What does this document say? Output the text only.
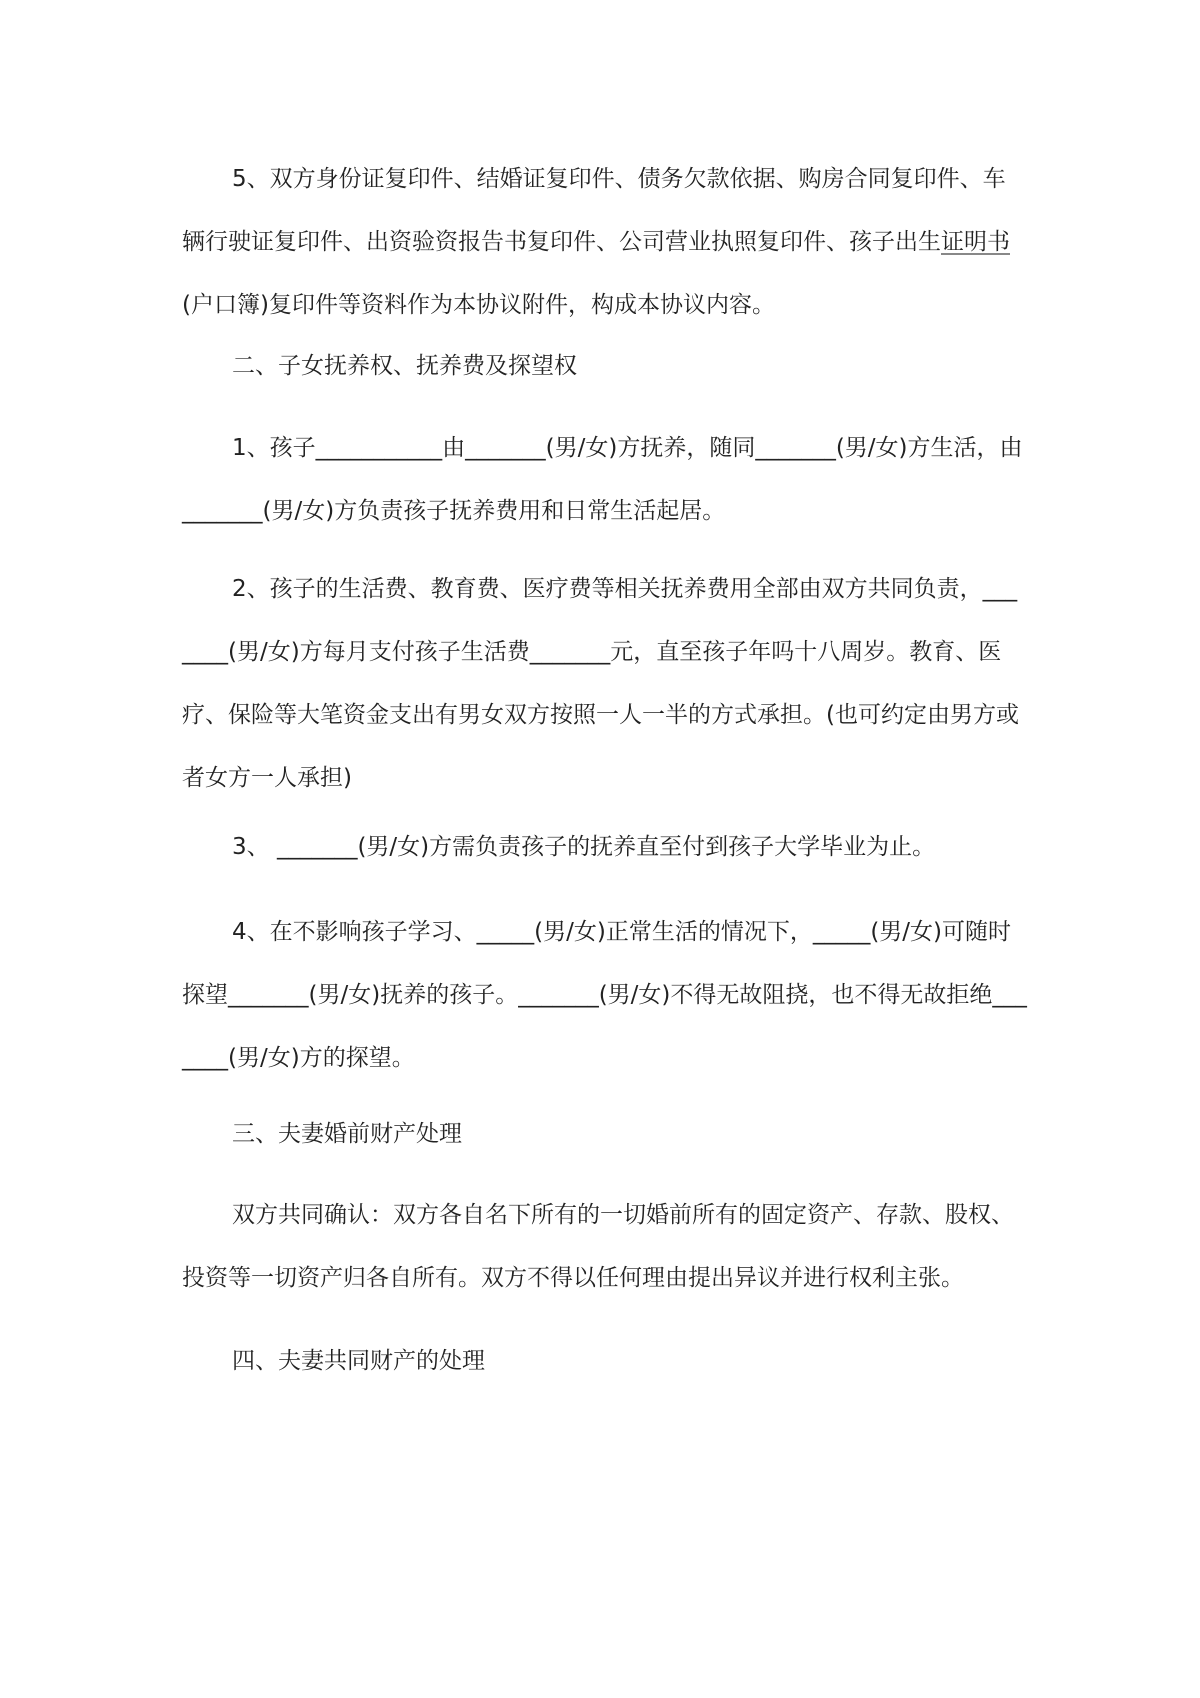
5、双方身份证复印件、结婚证复印件、债务欠款依据、购房合同复印件、车辆行驶证复印件、出资验资报告书复印件、公司营业执照复印件、孩子出生证明书(户口簿)复印件等资料作为本协议附件，构成本协议内容。

二、子女抚养权、抚养费及探望权

1、孩子___________由_______(男/女)方抚养，随同_______(男/女)方生活，由_______(男/女)方负责孩子抚养费用和日常生活起居。

2、孩子的生活费、教育费、医疗费等相关抚养费用全部由双方共同负责，_______(男/女)方每月支付孩子生活费_______元，直至孩子年吗十八周岁。教育、医疗、保险等大笔资金支出有男女双方按照一人一半的方式承担。(也可约定由男方或者女方一人承担)

3、 _______(男/女)方需负责孩子的抚养直至付到孩子大学毕业为止。

4、在不影响孩子学习、_____(男/女)正常生活的情况下，_____(男/女)可随时探望_______(男/女)抚养的孩子。_______(男/女)不得无故阻挠，也不得无故拒绝_______(男/女)方的探望。

三、夫妻婚前财产处理

双方共同确认：双方各自名下所有的一切婚前所有的固定资产、存款、股权、投资等一切资产归各自所有。双方不得以任何理由提出异议并进行权利主张。

四、夫妻共同财产的处理
